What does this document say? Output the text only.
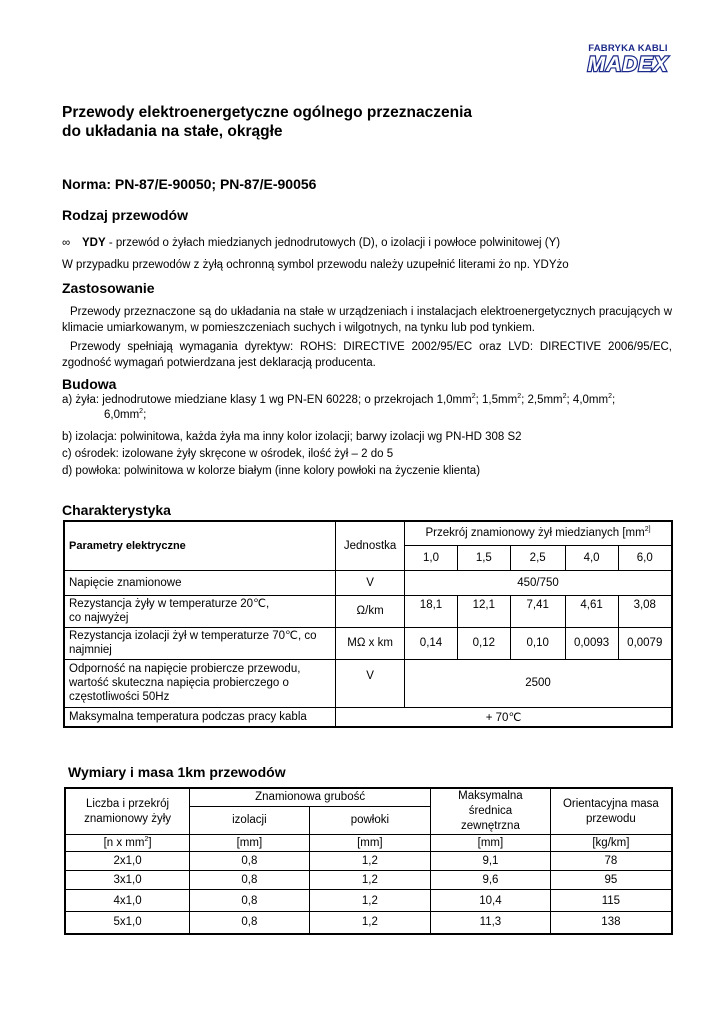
FABRYKA KABLI
MADEX
Przewody elektroenergetyczne ogólnego przeznaczenia
do układania na stałe, okrągłe
Norma: PN-87/E-90050; PN-87/E-90056
Rodzaj przewodów
∞ YDY - przewód o żyłach miedzianych jednodrutowych (D), o izolacji i powłoce polwinitowej (Y)
W przypadku przewodów z żyłą ochronną symbol przewodu należy uzupełnić literami żo np. YDYżo
Zastosowanie
Przewody przeznaczone są do układania na stałe w urządzeniach i instalacjach elektroenergetycznych pracujących w klimacie umiarkowanym, w pomieszczeniach suchych i wilgotnych, na tynku lub pod tynkiem.
Przewody spełniają wymagania dyrektyw: ROHS: DIRECTIVE 2002/95/EC oraz LVD: DIRECTIVE 2006/95/EC, zgodność wymagań potwierdzana jest deklaracją producenta.
Budowa
a) żyła: jednodrutowe miedziane klasy 1 wg PN-EN 60228; o przekrojach $1,0mm^2$; $1,5mm^2$; $2,5mm^2$; $4,0mm^2$;
$6,0mm^2$;
b) izolacja: polwinitowa, każda żyła ma inny kolor izolacji; barwy izolacji wg PN-HD 308 S2
c) ośrodek: izolowane żyły skręcone w ośrodek, ilość żył – 2 do 5
d) powłoka: polwinitowa w kolorze białym (inne kolory powłoki na życzenie klienta)
Charakterystyka
Parametry elektryczne	Jednostka	Przekrój znamionowy żył miedzianych [$mm^{2]}$
		1,0	1,5	2,5	4,0	6,0
Napięcie znamionowe	V	450/750				
Rezystancja żyły w temperaturze 20℃,
co najwyżej	Ω/km	18,1	12,1	7,41	4,61	3,08
Rezystancja izolacji żył w temperaturze 70℃, co
najmniej	MΩ x km	0,14	0,12	0,10	0,0093	0,0079
Odporność na napięcie probiercze przewodu,
wartość skuteczna napięcia probierczego o
częstotliwości 50Hz	V	2500				
Maksymalna temperatura podczas pracy kabla	+ 70℃					
Wymiary i masa 1km przewodów
Liczba i przekrój
znamionowy żyły	Znamionowa grubość		Maksymalna
średnica
zewnętrzna	Orientacyjna masa
przewodu
	izolacji	powłoki		
[n x $mm^2$]	[mm]	[mm]	[mm]	[kg/km]
2x1,0	0,8	1,2	9,1	78
3x1,0	0,8	1,2	9,6	95
4x1,0	0,8	1,2	10,4	115
5x1,0	0,8	1,2	11,3	138
